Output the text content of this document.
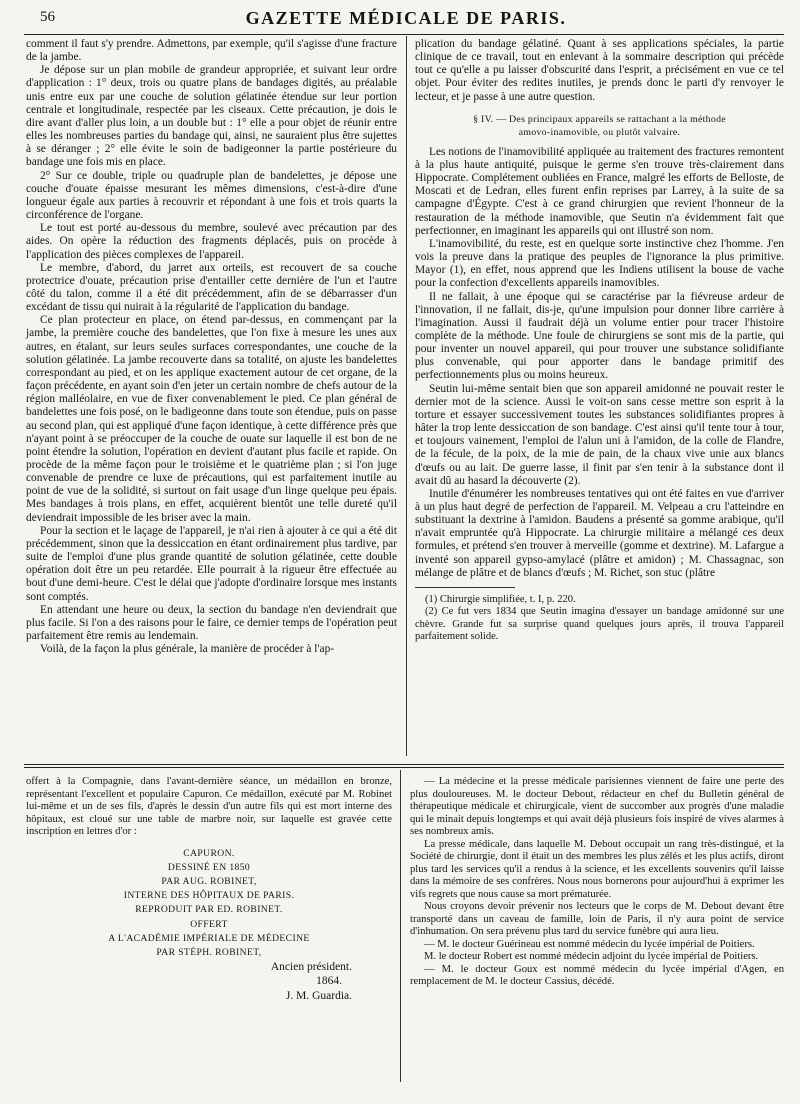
56	GAZETTE MÉDICALE DE PARIS.

comment il faut s'y prendre. Admettons, par exemple, qu'il s'agisse d'une fracture de la jambe.

Je dépose sur un plan mobile de grandeur appropriée, et suivant leur ordre d'application : 1° deux, trois ou quatre plans de bandages digités, au préalable unis entre eux par une couche de solution gélatinée étendue sur leur portion centrale et longitudinale, respectée par les ciseaux. Cette précaution, je dois le dire avant d'aller plus loin, a un double but : 1° elle a pour objet de réunir entre elles les nombreuses parties du bandage qui, ainsi, ne sauraient plus être sujettes à se déranger ; 2° elle évite le soin de badigeonner la partie postérieure du bandage une fois mis en place.

2° Sur ce double, triple ou quadruple plan de bandelettes, je dépose une couche d'ouate épaisse mesurant les mêmes dimensions, c'est-à-dire d'une longueur égale aux parties à recouvrir et répondant à une fois et trois quarts la circonférence de l'organe.

Le tout est porté au-dessous du membre, soulevé avec précaution par des aides. On opère la réduction des fragments déplacés, puis on procède à l'application des pièces complexes de l'appareil.

Le membre, d'abord, du jarret aux orteils, est recouvert de sa couche protectrice d'ouate, précaution prise d'entailler cette dernière de l'un et l'autre côté du talon, comme il a été dit précédemment, afin de se débarrasser d'un excédant de tissu qui nuirait à la régularité de l'application du bandage.

Ce plan protecteur en place, on étend par-dessus, en commençant par la jambe, la première couche des bandelettes, que l'on fixe à mesure les unes aux autres, en étalant, sur leurs seules surfaces correspondantes, une couche de la solution gélatinée. La jambe recouverte dans sa totalité, on ajuste les bandelettes correspondant au pied, et on les applique exactement autour de cet organe, de la façon précédente, en ayant soin d'en jeter un certain nombre de chefs autour de la région malléolaire, en vue de fixer convenablement le pied. Ce plan général de bandelettes une fois posé, on le badigeonne dans toute son étendue, puis on passe au second plan, qui est appliqué d'une façon identique, à cette différence près que n'ayant point à se préoccuper de la couche de ouate sur laquelle il est bon de ne point étendre la solution, l'opération en devient d'autant plus facile et rapide. On procède de la même façon pour le troisième et le quatrième plan ; si l'on juge convenable de prendre ce luxe de précautions, qui est parfaitement inutile au point de vue de la solidité, si surtout on fait usage d'un linge quelque peu épais. Mes bandages à trois plans, en effet, acquièrent bientôt une telle dureté qu'il deviendrait impossible de les briser avec la main.

Pour la section et le laçage de l'appareil, je n'ai rien à ajouter à ce qui a été dit précédemment, sinon que la dessiccation en étant ordinairement plus tardive, par suite de l'emploi d'une plus grande quantité de solution gélatinée, cette double opération doit être un peu retardée. Elle pourrait à la rigueur être effectuée au bout d'une demi-heure. C'est le délai que j'adopte d'ordinaire lorsque mes instants sont comptés.

En attendant une heure ou deux, la section du bandage n'en deviendrait que plus facile. Si l'on a des raisons pour le faire, ce dernier temps de l'opération peut parfaitement être remis au lendemain.

Voilà, de la façon la plus générale, la manière de procéder à l'ap-

plication du bandage gélatiné. Quant à ses applications spéciales, la partie clinique de ce travail, tout en enlevant à la sommaire description qui précède tout ce qu'elle a pu laisser d'obscurité dans l'esprit, a précisément en vue ce tel objet. Pour éviter des redites inutiles, je prends donc le parti d'y renvoyer le lecteur, et je passe à une autre question.

§ IV. — Des principaux appareils se rattachant a la méthode
amovo-inamovible, ou plutôt valvaire.

Les notions de l'inamovibilité appliquée au traitement des fractures remontent à la plus haute antiquité, puisque le germe s'en trouve très-clairement dans Hippocrate. Complétement oubliées en France, malgré les efforts de Belloste, de Moscati et de Ledran, elles furent enfin reprises par Larrey, à la suite de sa campagne d'Égypte. C'est à ce grand chirurgien que revient l'honneur de la restauration de la méthode inamovible, que Seutin n'a évidemment fait que perfectionner, en imaginant les appareils qui ont illustré son nom.

L'inamovibilité, du reste, est en quelque sorte instinctive chez l'homme. J'en vois la preuve dans la pratique des peuples de l'ignorance la plus primitive. Mayor (1), en effet, nous apprend que les Indiens utilisent la bouse de vache pour la confection d'excellents appareils inamovibles.

Il ne fallait, à une époque qui se caractérise par la fiévreuse ardeur de l'innovation, il ne fallait, dis-je, qu'une impulsion pour donner libre carrière à l'imagination. Aussi il faudrait déjà un volume entier pour tracer l'histoire complète de la méthode. Une foule de chirurgiens se sont mis de la partie, qui pour inventer un nouvel appareil, qui pour trouver une substance solidifiante plus convenable, qui pour apporter dans le bandage primitif des perfectionnements plus ou moins heureux.

Seutin lui-même sentait bien que son appareil amidonné ne pouvait rester le dernier mot de la science. Aussi le voit-on sans cesse mettre son esprit à la torture et essayer successivement toutes les substances solidifiantes propres à hâter la trop lente dessiccation de son bandage. C'est ainsi qu'il tente tour à tour, et toujours vainement, l'emploi de l'alun uni à l'amidon, de la colle de Flandre, de la fécule, de la poix, de la mie de pain, de la chaux vive unie aux blancs d'œufs ou au lait. De guerre lasse, il finit par s'en tenir à la substance dont il avait dû au hasard la découverte (2).

Inutile d'énumérer les nombreuses tentatives qui ont été faites en vue d'arriver à un plus haut degré de perfection de l'appareil. M. Velpeau a cru l'atteindre en substituant la dextrine à l'amidon. Baudens a présenté sa gomme arabique, qu'il n'avait empruntée qu'à Hippocrate. La chirurgie militaire a mélangé ces deux formules, et prétend s'en trouver à merveille (gomme et dextrine). M. Lafargue a inventé son appareil gypso-amylacé (plâtre et amidon) ; M. Chassagnac, son mélange de plâtre et de blancs d'œufs ; M. Richet, son stuc (plâtre

(1) Chirurgie simplifiée, t. I, p. 220.

(2) Ce fut vers 1834 que Seutin imagina d'essayer un bandage amidonné sur une chèvre. Grande fut sa surprise quand quelques jours après, il trouva l'appareil parfaitement solide.

offert à la Compagnie, dans l'avant-dernière séance, un médaillon en bronze, représentant l'excellent et populaire Capuron. Ce médaillon, exécuté par M. Robinet lui-même et un de ses fils, d'après le dessin d'un autre fils qui est mort interne des hôpitaux, est cloué sur une table de marbre noir, sur laquelle est gravée cette inscription en lettres d'or :

CAPURON.
DESSINÉ EN 1850
PAR AUG. ROBINET,
INTERNE DES HÔPITAUX DE PARIS.
REPRODUIT PAR ED. ROBINET.
OFFERT
A L'ACADÉMIE IMPÉRIALE DE MÉDECINE
PAR STÉPH. ROBINET,
Ancien président.
1864.
J. M. Guardia.

— La médecine et la presse médicale parisiennes viennent de faire une perte des plus douloureuses. M. le docteur Debout, rédacteur en chef du Bulletin général de thérapeutique médicale et chirurgicale, vient de succomber aux progrès d'une maladie qui le minait depuis longtemps et qui avait déjà plusieurs fois inspiré de vives alarmes à ses nombreux amis.

La presse médicale, dans laquelle M. Debout occupait un rang très-distingué, et la Société de chirurgie, dont il était un des membres les plus zélés et les plus actifs, diront plus tard les services qu'il a rendus à la science, et les excellents souvenirs qu'il laisse dans la mémoire de ses confrères. Nous nous bornerons pour aujourd'hui à exprimer les vifs regrets que nous cause sa mort prématurée.

Nous croyons devoir prévenir nos lecteurs que le corps de M. Debout devant être transporté dans un caveau de famille, loin de Paris, il n'y aura point de service d'inhumation. On sera prévenu plus tard du service funèbre qui aura lieu.

— M. le docteur Guérineau est nommé médecin du lycée impérial de Poitiers.

M. le docteur Robert est nommé médecin adjoint du lycée impérial de Poitiers.

— M. le docteur Goux est nommé médecin du lycée impérial d'Agen, en remplacement de M. le docteur Cassius, décédé.
